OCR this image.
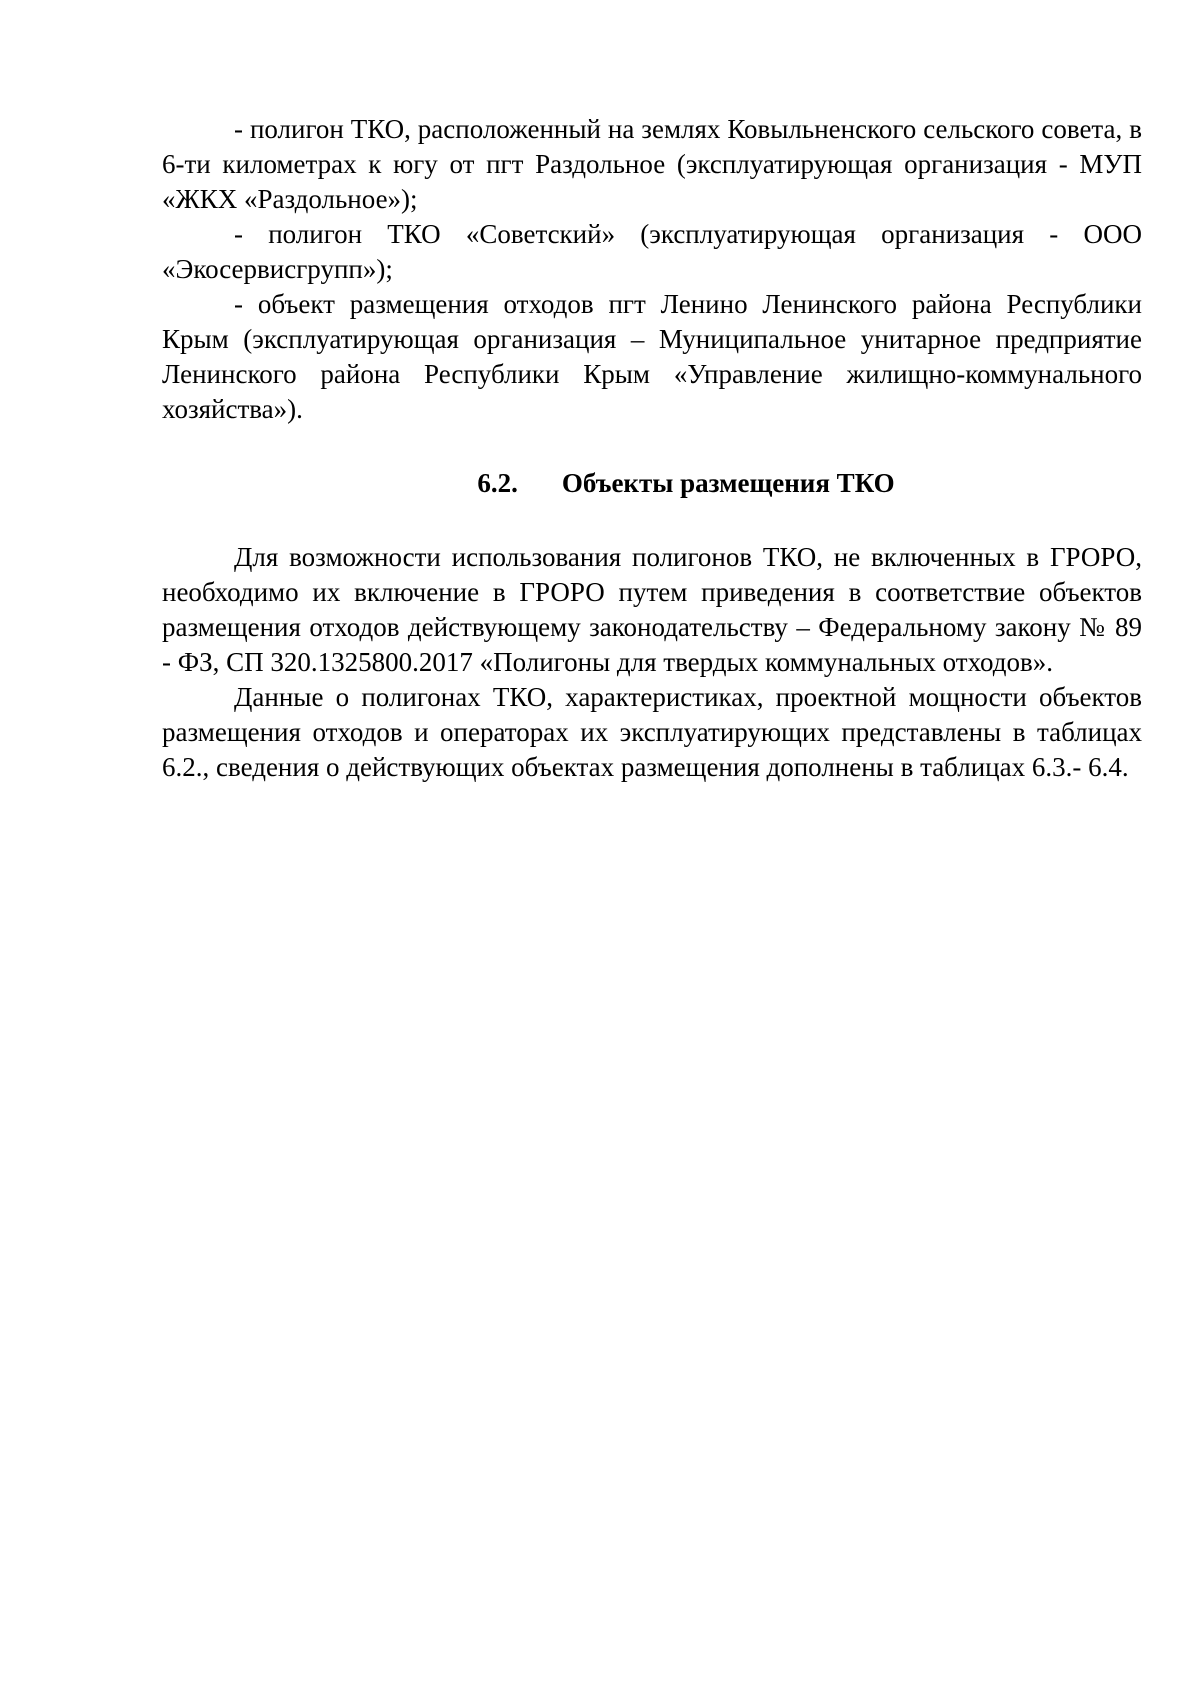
- полигон ТКО, расположенный на землях Ковыльненского сельского совета, в 6-ти километрах к югу от пгт Раздольное (эксплуатирующая организация - МУП «ЖКХ «Раздольное»);

- полигон ТКО «Советский» (эксплуатирующая организация - ООО «Экосервисгрупп»);

- объект размещения отходов пгт Ленино Ленинского района Республики Крым (эксплуатирующая организация – Муниципальное унитарное предприятие Ленинского района Республики Крым «Управление жилищно-коммунального хозяйства»).

6.2. Объекты размещения ТКО

Для возможности использования полигонов ТКО, не включенных в ГРОРО, необходимо их включение в ГРОРО путем приведения в соответствие объектов размещения отходов действующему законодательству – Федеральному закону № 89 - ФЗ, СП 320.1325800.2017 «Полигоны для твердых коммунальных отходов».

Данные о полигонах ТКО, характеристиках, проектной мощности объектов размещения отходов и операторах их эксплуатирующих представлены в таблицах 6.2., сведения о действующих объектах размещения дополнены в таблицах 6.3.- 6.4.
